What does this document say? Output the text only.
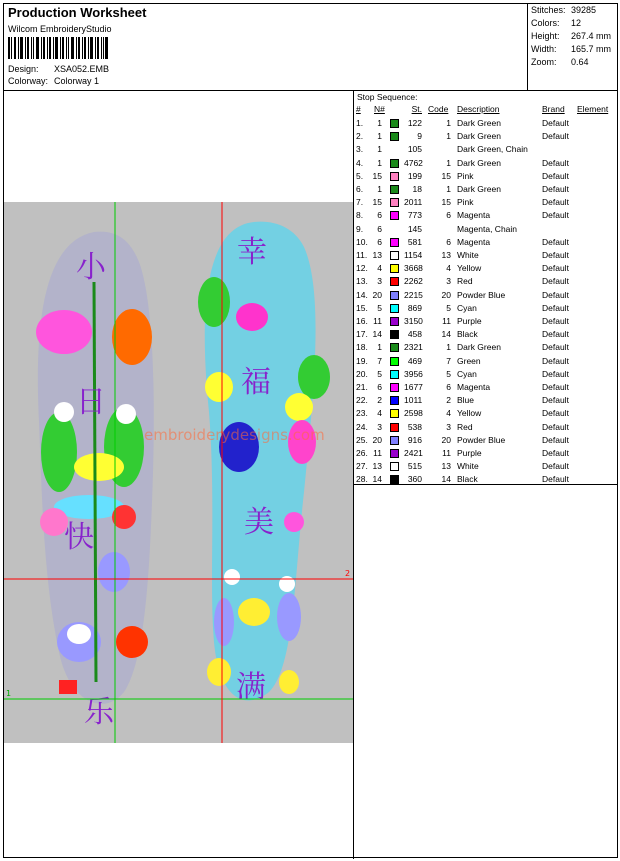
Production Worksheet
Wilcom EmbroideryStudio
Design: XSA052.EMB
Colorway: Colorway 1
Stitches: 39285
Colors: 12
Height: 267.4 mm
Width: 165.7 mm
Zoom: 0.64
小
日
快
乐
幸
福
美
满
embroiderydesigns.com
1
2
Stop Sequence:
# N#	St. Code Description	Brand Element
1.	1	122	1 Dark Green	Default
2.	1	9	1 Dark Green	Default
3.	1	105	Dark Green, Chain
4.	1	4762	1 Dark Green	Default
5. 15	199	15 Pink	Default
6.	1	18	1 Dark Green	Default
7. 15	2011	15 Pink	Default
8.	6	773	6 Magenta	Default
9.	6	145	Magenta, Chain
10.	6	581	6 Magenta	Default
11. 13	1154	13 White	Default
12.	4	3668	4 Yellow	Default
13.	3	2262	3 Red	Default
14. 20	2215	20 Powder Blue	Default
15.	5	869	5 Cyan	Default
16. 11	3150	11 Purple	Default
17. 14	458	14 Black	Default
18.	1	2321	1 Dark Green	Default
19.	7	469	7 Green	Default
20.	5	3956	5 Cyan	Default
21.	6	1677	6 Magenta	Default
22.	2	1011	2 Blue	Default
23.	4	2598	4 Yellow	Default
24.	3	538	3 Red	Default
25. 20	916	20 Powder Blue	Default
26. 11	2421	11 Purple	Default
27. 13	515	13 White	Default
28. 14	360	14 Black	Default
